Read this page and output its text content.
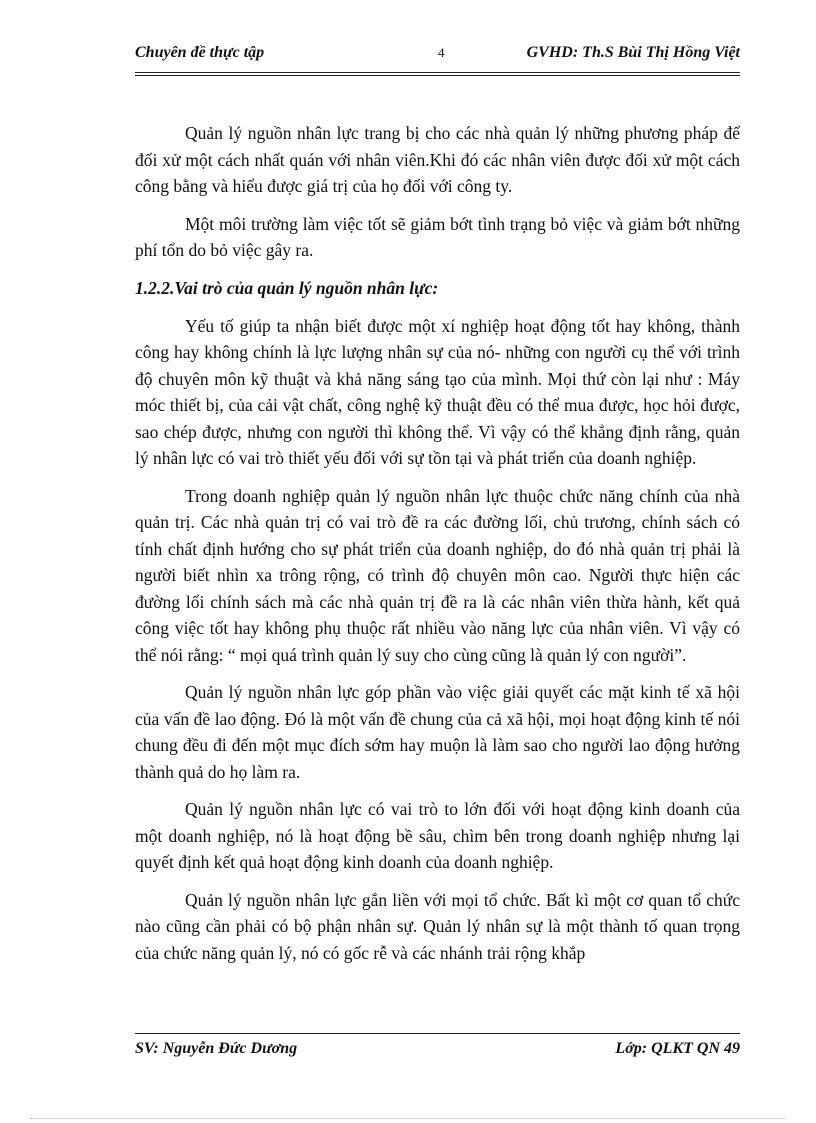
Chuyên đề thực tập	4	GVHD: Th.S Bùi Thị Hồng Việt

Quản lý nguồn nhân lực trang bị cho các nhà quản lý những phương pháp để đối xử một cách nhất quán với nhân viên.Khi đó các nhân viên được đối xử một cách công bằng và hiểu được giá trị của họ đối với công ty.

Một môi trường làm việc tốt sẽ giảm bớt tình trạng bỏ việc và giảm bớt những phí tổn do bỏ việc gây ra.

1.2.2.Vai trò của quản lý nguồn nhân lực:

Yếu tố giúp ta nhận biết được một xí nghiệp hoạt động tốt hay không, thành công hay không chính là lực lượng nhân sự của nó- những con người cụ thể với trình độ chuyên môn kỹ thuật và khả năng sáng tạo của mình. Mọi thứ còn lại như : Máy móc thiết bị, của cải vật chất, công nghệ kỹ thuật đều có thể mua được, học hỏi được, sao chép được, nhưng con người thì không thể. Vì vậy có thể khẳng định rằng, quản lý nhân lực có vai trò thiết yếu đối với sự tồn tại và phát triển của doanh nghiệp.

Trong doanh nghiệp quản lý nguồn nhân lực thuộc chức năng chính của nhà quản trị. Các nhà quản trị có vai trò đề ra các đường lối, chủ trương, chính sách có tính chất định hướng cho sự phát triển của doanh nghiệp, do đó nhà quản trị phải là người biết nhìn xa trông rộng, có trình độ chuyên môn cao. Người thực hiện các đường lối chính sách mà các nhà quản trị đề ra là các nhân viên thừa hành, kết quả công việc tốt hay không phụ thuộc rất nhiều vào năng lực của nhân viên. Vì vậy có thể nói rằng: “ mọi quá trình quản lý suy cho cùng cũng là quản lý con người”.

Quản lý nguồn nhân lực góp phần vào việc giải quyết các mặt kinh tế xã hội của vấn đề lao động. Đó là một vấn đề chung của cả xã hội, mọi hoạt động kinh tế nói chung đều đi đến một mục đích sớm hay muộn là làm sao cho người lao động hưởng thành quả do họ làm ra.

Quản lý nguồn nhân lực có vai trò to lớn đối với hoạt động kinh doanh của một doanh nghiệp, nó là hoạt động bề sâu, chìm bên trong doanh nghiệp nhưng lại quyết định kết quả hoạt động kinh doanh của doanh nghiệp.

Quản lý nguồn nhân lực gắn liền với mọi tổ chức. Bất kì một cơ quan tổ chức nào cũng cần phải có bộ phận nhân sự. Quản lý nhân sự là một thành tố quan trọng của chức năng quản lý, nó có gốc rễ và các nhánh trải rộng khắp

SV: Nguyễn Đức Dương	Lớp: QLKT QN 49
